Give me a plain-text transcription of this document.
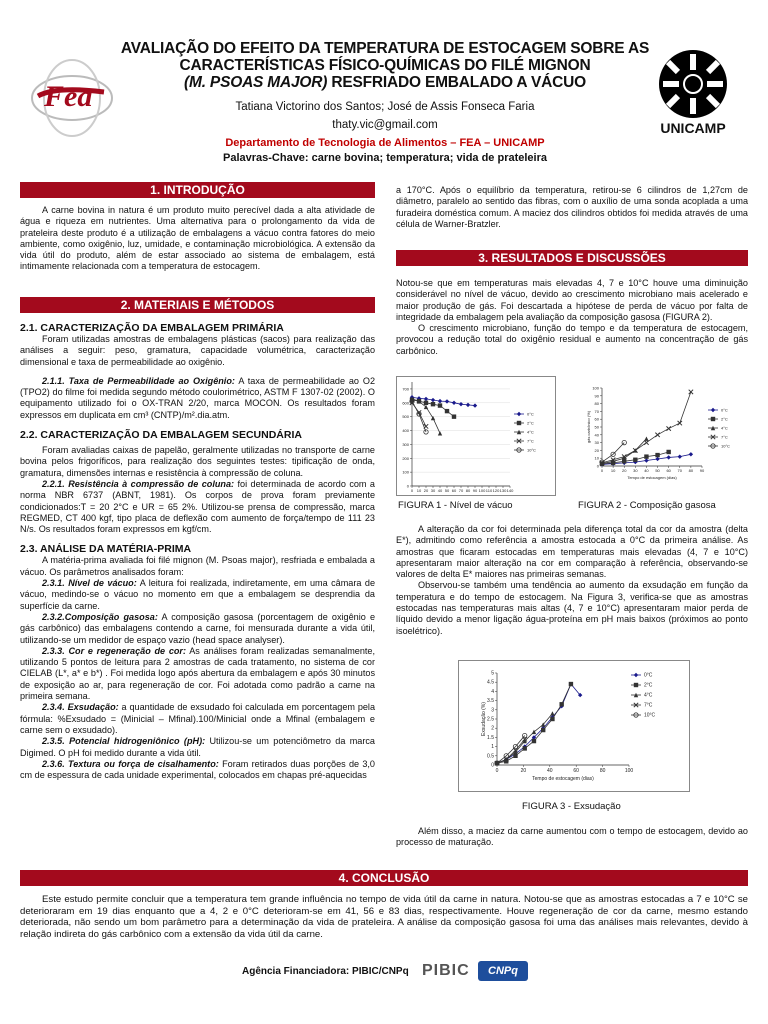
Fea
UNICAMP
AVALIAÇÃO DO EFEITO DA TEMPERATURA DE ESTOCAGEM SOBRE AS
CARACTERÍSTICAS FÍSICO-QUÍMICAS DO FILÉ MIGNON
(M. PSOAS MAJOR) RESFRIADO EMBALADO A VÁCUO
Tatiana Victorino dos Santos; José de Assis Fonseca Faria
thaty.vic@gmail.com
Departamento de Tecnologia de Alimentos – FEA – UNICAMP
Palavras-Chave: carne bovina; temperatura; vida de prateleira
1. INTRODUÇÃO

A carne bovina in natura é um produto muito perecível dada a alta atividade de água e riqueza em nutrientes. Uma alternativa para o prolongamento da vida de prateleira deste produto é a utilização de embalagens a vácuo contra fatores do meio ambiente, como oxigênio, luz, umidade, e contaminação microbiológica. A extensão da vida útil do produto, além de estar associado ao sistema de embalagem, está intimamente relacionada com a temperatura de estocagem.

2. MATERIAIS E MÉTODOS
2.1. CARACTERIZAÇÃO DA EMBALAGEM PRIMÁRIA

Foram utilizadas amostras de embalagens plásticas (sacos) para realização das análises a seguir: peso, gramatura, capacidade volumétrica, caracterização dimensional e taxa de permeabilidade ao oxigênio.

2.1.1. Taxa de Permeabilidade ao Oxigênio: A taxa de permeabilidade ao O2 (TPO2) do filme foi medida segundo método coulorimétrico, ASTM F 1307-02 (2002). O equipamento utilizado foi o OX-TRAN 2/20, marca MOCON. Os resultados foram expressos em duplicata em cm³ (CNTP)/m².dia.atm.

2.2. CARACTERIZAÇÃO DA EMBALAGEM SECUNDÁRIA

Foram avaliadas caixas de papelão, geralmente utilizadas no transporte de carne bovina pelos frigoríficos, para realização dos seguintes testes: tipificação de onda, gramatura, dimensões internas e resistência à compressão de coluna.

2.2.1. Resistência à compressão de coluna: foi determinada de acordo com a norma NBR 6737 (ABNT, 1981). Os corpos de prova foram previamente condicionados:T = 20 2°C e UR = 65 2%. Utilizou-se prensa de compressão, marca REGMED, CT 400 kgf, tipo placa de deflexão com aumento de força/tempo de 111 23 N/s. Os resultados foram expressos em kgf/cm.

2.3. ANÁLISE DA MATÉRIA-PRIMA

A matéria-prima avaliada foi filé mignon (M. Psoas major), resfriada e embalada a vácuo. Os parâmetros analisados foram:

2.3.1. Nível de vácuo: A leitura foi realizada, indiretamente, em uma câmara de vácuo, medindo-se o vácuo no momento em que a embalagem se desprendia da superfície da carne.

2.3.2.Composição gasosa: A composição gasosa (porcentagem de oxigênio e gás carbônico) das embalagens contendo a carne, foi mensurada durante a vida útil, utilizando-se um medidor de espaço vazio (head space analyser).

2.3.3. Cor e regeneração de cor: As análises foram realizadas semanalmente, utilizando 5 pontos de leitura para 2 amostras de cada tratamento, no sistema de cor CIELAB (L*, a* e b*) . Foi medida logo após abertura da embalagem e após 30 minutos de exposição ao ar, para regeneração de cor. Foi adotada como padrão a carne na primeira semana.

2.3.4. Exsudação: a quantidade de exsudado foi calculada em porcentagem pela fórmula: %Exsudado = (Minicial – Mfinal).100/Minicial onde a Mfinal (embalagem e carne sem o exsudado).

2.3.5. Potencial hidrogeniônico (pH): Utilizou-se um potenciômetro da marca Digimed. O pH foi medido durante a vida útil.

2.3.6. Textura ou força de cisalhamento: Foram retirados duas porções de 3,0 cm de espessura de cada unidade experimental, colocados em chapas pré-aquecidas

a 170°C. Após o equilíbrio da temperatura, retirou-se 6 cilindros de 1,27cm de diâmetro, paralelo ao sentido das fibras, com o auxílio de uma sonda acoplada a uma furadeira doméstica comum. A maciez dos cilindros obtidos foi medida através de uma célula de Warner-Bratzler.

3. RESULTADOS E DISCUSSÕES

Notou-se que em temperaturas mais elevadas 4, 7 e 10°C houve uma diminuição considerável no nível de vácuo, devido ao crescimento microbiano mais acelerado e maior produção de gás. Foi descartada a hipótese de perda de vácuo por falta de integridade da embalagem pela avaliação da composição gasosa (FIGURA 2).

O crescimento microbiano, função do tempo e da temperatura de estocagem, provocou a redução total do oxigênio residual e aumento na concentração de gás carbônico.

0
100
200
300
400
500
600
700
0 10 20 30 40 50 60 70 80 90 100 110 120 130 140
0°C
2°C
4°C
7°C
10°C
FIGURA 1 - Nível de vácuo
0
10
20
30
40
50
60
70
80
90
100
0 10 20 30 40 50 60 70 80 90
Tempo de estocagem (dias)
gás carbônico (%)
0°C
2°C
4°C
7°C
10°C
FIGURA 2 - Composição gasosa

A alteração da cor foi determinada pela diferença total da cor da amostra (delta E*), admitindo como referência a amostra estocada a 0°C da primeira análise. As amostras que ficaram estocadas em temperaturas mais elevadas (4, 7 e 10°C) apresentaram maior alteração na cor em comparação à referência, observando-se valores de delta E* maiores nas primeiras semanas.

Observou-se também uma tendência ao aumento da exsudação em função da temperatura e do tempo de estocagem. Na Figura 3, verifica-se que as amostras estocadas nas temperaturas mais altas (4, 7 e 10°C) apresentaram maior perda de líquido devido a menor ligação água-proteína em pH mais baixos (próximos ao ponto isoelétrico).

0
0.5
1
1.5
2
2.5
3
3.5
4
4.5
5
0	20	40	60	80	100
Tempo de estocagem (dias)
Exsudação (%)
0°C
2°C
4°C
7°C
10°C
FIGURA 3 - Exsudação

Além disso, a maciez da carne aumentou com o tempo de estocagem, devido ao processo de maturação.

4. CONCLUSÃO

Este estudo permite concluir que a temperatura tem grande influência no tempo de vida útil da carne in natura. Notou-se que as amostras estocadas a 7 e 10°C se deterioraram em 19 dias enquanto que a 4, 2 e 0°C deterioram-se em 41, 56 e 83 dias, respectivamente. Houve regeneração de cor da carne, mesmo estando deteriorada, não sendo um bom parâmetro para a determinação da vida de prateleira. A análise da composição gasosa foi uma das análises mais relevantes, devido à relação indireta do gás carbônico com a extensão da vida útil da carne.

Agência Financiadora: PIBIC/CNPq PIBIC	CNPq
